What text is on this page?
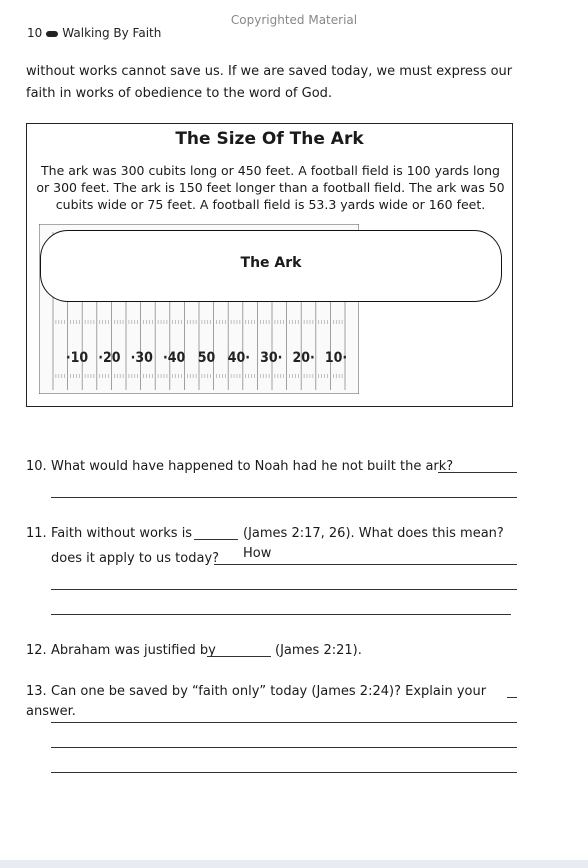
Copyrighted Material
10 Walking By Faith
without works cannot save us. If we are saved today, we must express our faith in works of obedience to the word of God.
The Size Of The Ark
The ark was 300 cubits long or 450 feet. A football field is 100 yards long or 300 feet. The ark is 150 feet longer than a football field. The ark was 50 cubits wide or 75 feet. A football field is 53.3 yards wide or 160 feet.
·10 ·20 ·30 ·40 50 40· 30· 20· 10·
The Ark
10. What would have happened to Noah had he not built the ark?
11. Faith without works is	(James 2:17, 26). What does this mean? How
does it apply to us today?
12. Abraham was justified by	(James 2:21).
13. Can one be saved by “faith only” today (James 2:24)? Explain your answer.
